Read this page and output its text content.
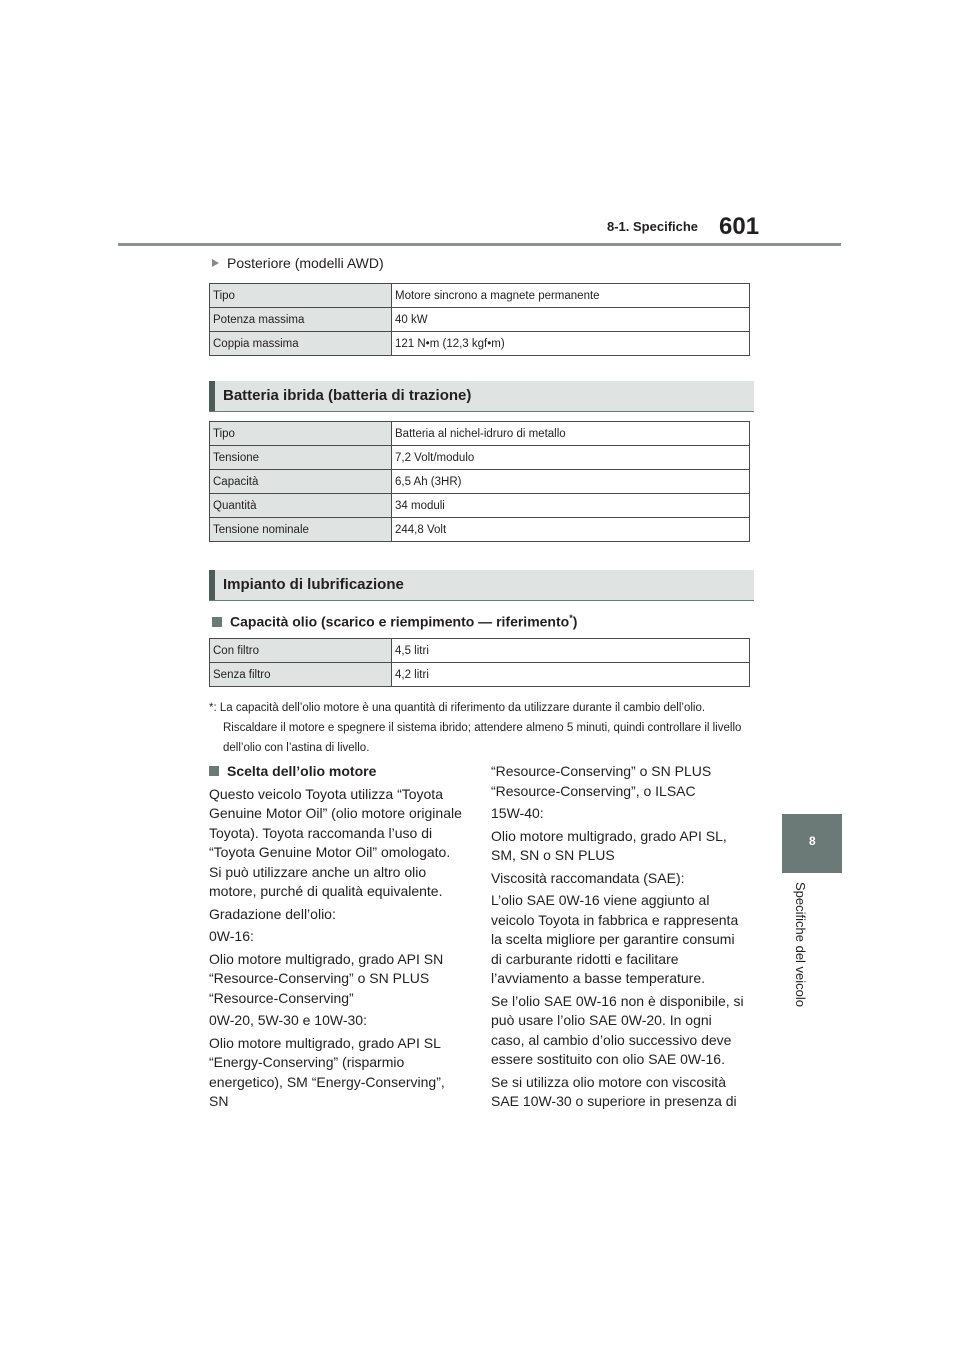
8-1. Specifiche 601
8
Specifiche del veicolo
Posteriore (modelli AWD)
Tipo	Motore sincrono a magnete permanente
Potenza massima	40 kW
Coppia massima	121 N•m (12,3 kgf•m)
Batteria ibrida (batteria di trazione)
Tipo	Batteria al nichel-idruro di metallo
Tensione	7,2 Volt/modulo
Capacità	6,5 Ah (3HR)
Quantità	34 moduli
Tensione nominale	244,8 Volt
Impianto di lubrificazione
Capacità olio (scarico e riempimento — riferimento*)
Con filtro	4,5 litri
Senza filtro	4,2 litri

*: La capacità dell’olio motore è una quantità di riferimento da utilizzare durante il cambio dell’olio. Riscaldare il motore e spegnere il sistema ibrido; attendere almeno 5 minuti, quindi controllare il livello dell’olio con l’astina di livello.

Scelta dell’olio motore

Questo veicolo Toyota utilizza “Toyota Genuine Motor Oil” (olio motore originale Toyota). Toyota raccomanda l’uso di “Toyota Genuine Motor Oil” omologato. Si può utilizzare anche un altro olio motore, purché di qualità equivalente.

Gradazione dell’olio:

0W-16:

Olio motore multigrado, grado API SN “Resource-Conserving” o SN PLUS “Resource-Conserving”

0W-20, 5W-30 e 10W-30:

Olio motore multigrado, grado API SL “Energy-Conserving” (risparmio energetico), SM “Energy-Conserving”, SN

“Resource-Conserving” o SN PLUS “Resource-Conserving”, o ILSAC

15W-40:

Olio motore multigrado, grado API SL, SM, SN o SN PLUS

Viscosità raccomandata (SAE):

L’olio SAE 0W-16 viene aggiunto al veicolo Toyota in fabbrica e rappresenta la scelta migliore per garantire consumi di carburante ridotti e facilitare l’avviamento a basse temperature.

Se l’olio SAE 0W-16 non è disponibile, si può usare l’olio SAE 0W-20. In ogni caso, al cambio d’olio successivo deve essere sostituito con olio SAE 0W-16.

Se si utilizza olio motore con viscosità SAE 10W-30 o superiore in presenza di
